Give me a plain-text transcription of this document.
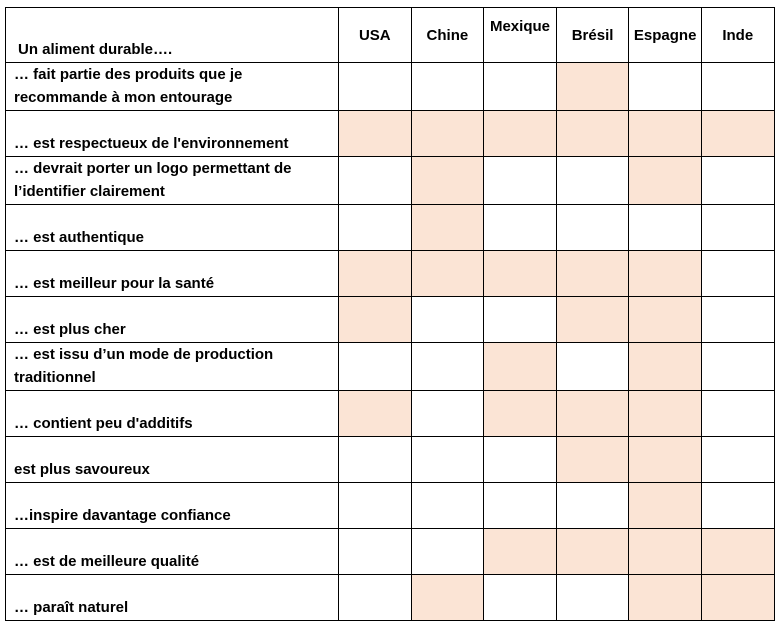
Un aliment durable….	USA	Chine	Mexique	Brésil	Espagne	Inde
… fait partie des produits que je recommande à mon entourage						
… est respectueux de l'environnement						
… devrait porter un logo permettant de l’identifier clairement						
… est authentique						
… est meilleur pour la santé						
… est plus cher						
… est issu d’un mode de production traditionnel						
… contient peu d'additifs						
est plus savoureux						
…inspire davantage confiance						
… est de meilleure qualité						
… paraît naturel						
